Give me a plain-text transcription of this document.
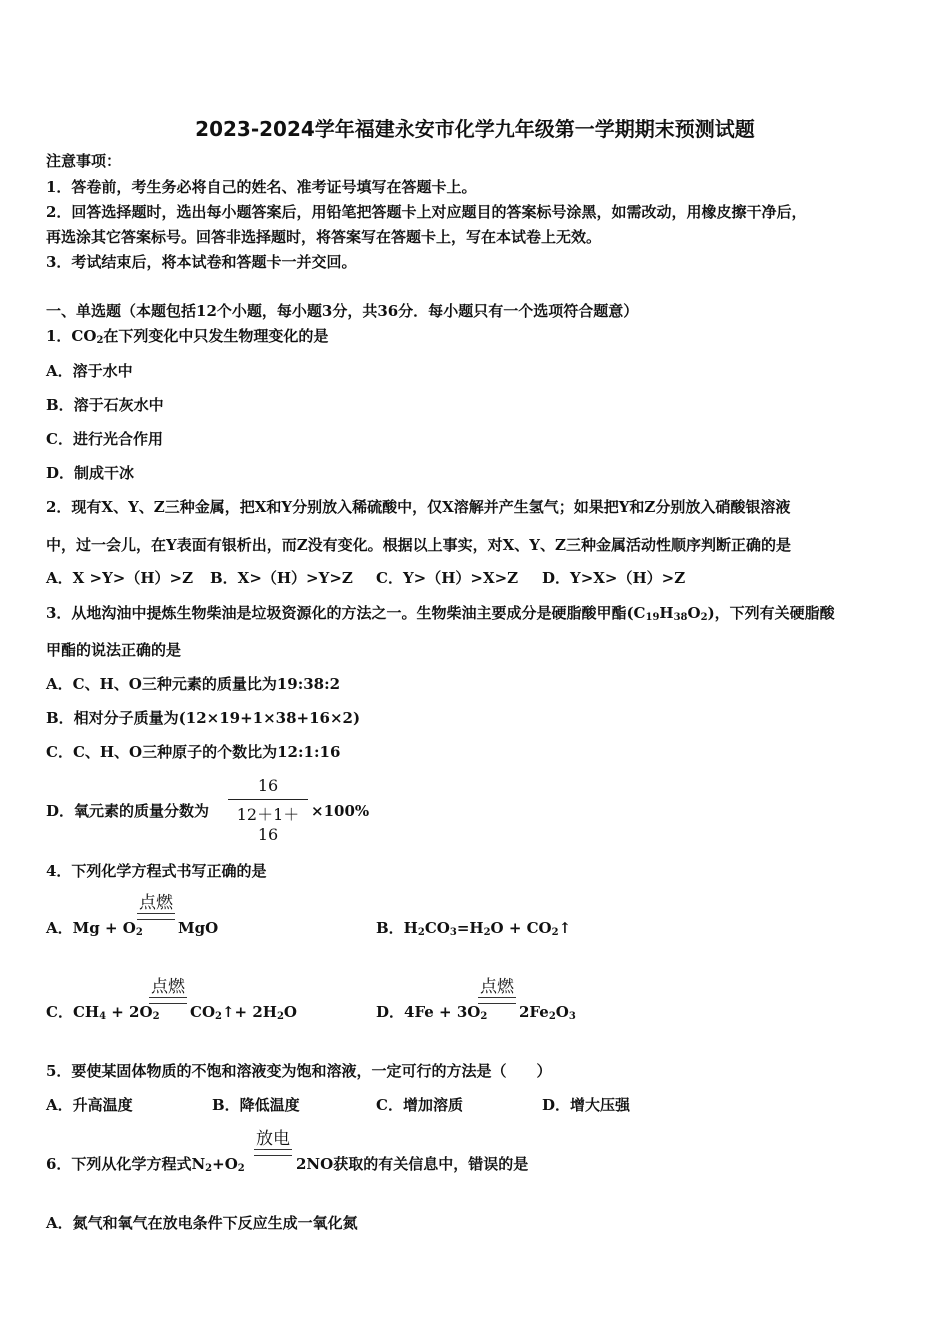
2023-2024学年福建永安市化学九年级第一学期期末预测试题
注意事项：
1．答卷前，考生务必将自己的姓名、准考证号填写在答题卡上。
2．回答选择题时，选出每小题答案后，用铅笔把答题卡上对应题目的答案标号涂黑，如需改动，用橡皮擦干净后，
再选涂其它答案标号。回答非选择题时，将答案写在答题卡上，写在本试卷上无效。
3．考试结束后，将本试卷和答题卡一并交回。
一、单选题（本题包括12个小题，每小题3分，共36分．每小题只有一个选项符合题意）
1．$CO_2$在下列变化中只发生物理变化的是
A．溶于水中
B．溶于石灰水中
C．进行光合作用
D．制成干冰
2．现有X、Y、Z三种金属，把X和Y分别放入稀硫酸中，仅X溶解并产生氢气；如果把Y和Z分别放入硝酸银溶液
中，过一会儿，在Y表面有银析出，而Z没有变化。根据以上事实，对X、Y、Z三种金属活动性顺序判断正确的是
A．X >Y>（H）>Z B．X>（H）>Y>Z C．Y>（H）>X>Z D．Y>X>（H）>Z
3．从地沟油中提炼生物柴油是垃圾资源化的方法之一。生物柴油主要成分是硬脂酸甲酯$(C_{19}H_{38}O_2)$，下列有关硬脂酸
甲酯的说法正确的是
A．C、H、O三种元素的质量比为19:38:2
B．相对分子质量为(12×19+1×38+16×2)
C．C、H、O三种原子的个数比为12:1:16
D．氧元素的质量分数为
16
12＋1＋16
×100%
4．下列化学方程式书写正确的是
A．$Mg + O_2$
点燃
MgO	B．$H_2CO_3=H_2O$ + $CO_2↑$
C．$CH_4 + 2O_2$
点燃
$CO_2↑+ 2H_2O$	D．$4Fe + 3O_2$
点燃
$2Fe_2O_3$
5．要使某固体物质的不饱和溶液变为饱和溶液，一定可行的方法是（　　）
A．升高温度	B．降低温度	C．增加溶质	D．增大压强
6．下列从化学方程式$N_2+O_2$
放电
2NO获取的有关信息中，错误的是
A．氮气和氧气在放电条件下反应生成一氧化氮
